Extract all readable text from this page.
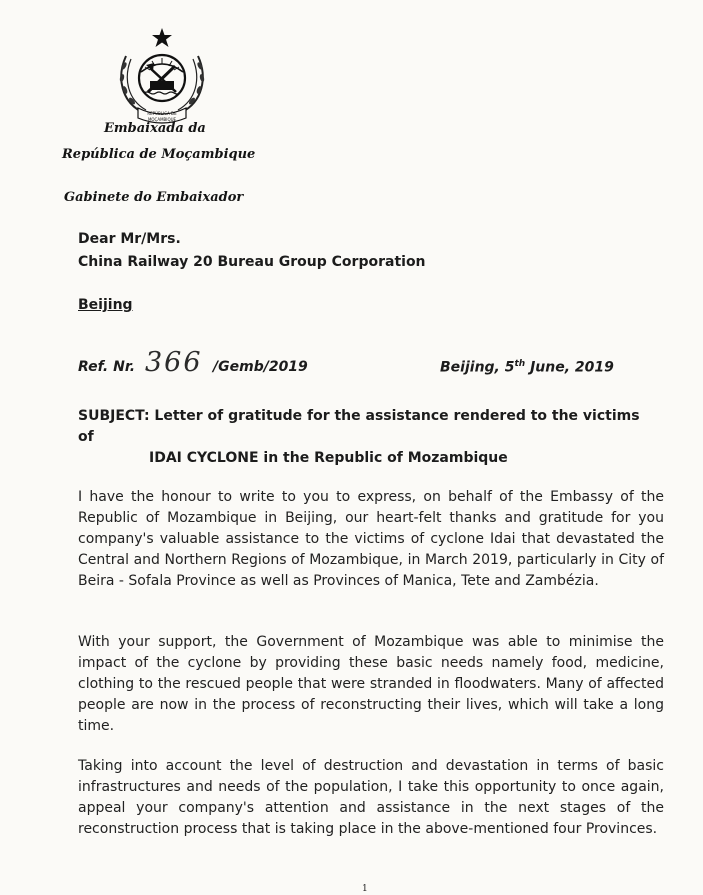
REPÚBLICA DE
MOÇAMBIQUE
Embaixada da
República de Moçambique
Gabinete do Embaixador
Dear Mr/Mrs.
China Railway 20 Bureau Group Corporation
Beijing
Ref. Nr. 366 /Gemb/2019	Beijing, 5th June, 2019
SUBJECT: Letter of gratitude for the assistance rendered to the victims of
IDAI CYCLONE in the Republic of Mozambique
I have the honour to write to you to express, on behalf of the Embassy of the Republic of Mozambique in Beijing, our heart-felt thanks and gratitude for you company's valuable assistance to the victims of cyclone Idai that devastated the Central and Northern Regions of Mozambique, in March 2019, particularly in City of Beira - Sofala Province as well as Provinces of Manica, Tete and Zambézia.
With your support, the Government of Mozambique was able to minimise the impact of the cyclone by providing these basic needs namely food, medicine, clothing to the rescued people that were stranded in floodwaters. Many of affected people are now in the process of reconstructing their lives, which will take a long time.
Taking into account the level of destruction and devastation in terms of basic infrastructures and needs of the population, I take this opportunity to once again, appeal your company's attention and assistance in the next stages of the reconstruction process that is taking place in the above-mentioned four Provinces.
1
